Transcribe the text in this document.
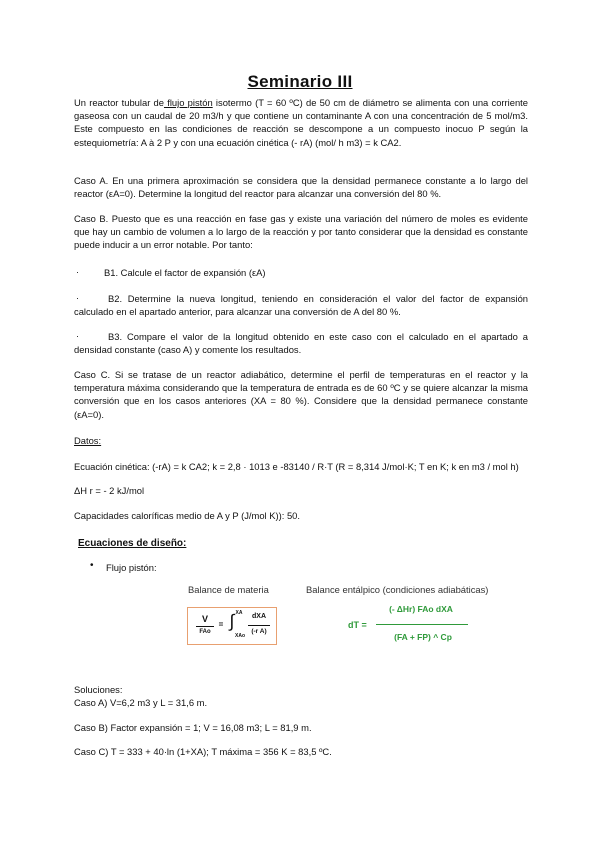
Seminario III
Un reactor tubular de flujo pistón isotermo (T = 60 ºC) de 50 cm de diámetro se alimenta con una corriente gaseosa con un caudal de 20 m3/h y que contiene un contaminante A con una concentración de 5 mol/m3. Este compuesto en las condiciones de reacción se descompone a un compuesto inocuo P según la estequiometría: A à 2 P y con una ecuación cinética (- rA) (mol/ h m3) = k CA2.
Caso A. En una primera aproximación se considera que la densidad permanece constante a lo largo del reactor (εA=0). Determine la longitud del reactor para alcanzar una conversión del 80 %.
Caso B. Puesto que es una reacción en fase gas y existe una variación del número de moles es evidente que hay un cambio de volumen a lo largo de la reacción y por tanto considerar que la densidad es constante puede inducir a un error notable. Por tanto:
·	B1. Calcule el factor de expansión (εA)
·	B2. Determine la nueva longitud, teniendo en consideración el valor del factor de expansión calculado en el apartado anterior, para alcanzar una conversión de A del 80 %.
·	B3. Compare el valor de la longitud obtenido en este caso con el calculado en el apartado a densidad constante (caso A) y comente los resultados.
Caso C. Si se tratase de un reactor adiabático, determine el perfil de temperaturas en el reactor y la temperatura máxima considerando que la temperatura de entrada es de 60 ºC y se quiere alcanzar la misma conversión que en los casos anteriores (XA = 80 %). Considere que la densidad permanece constante (εA=0).
Datos:
Ecuación cinética: (-rA) = k CA2; k = 2,8 · 1013 e -83140 / R·T (R = 8,314 J/mol·K; T en K; k en m3 / mol h)
ΔH r = - 2 kJ/mol
Capacidades caloríficas medio de A y P (J/mol K)): 50.
Ecuaciones de diseño:
• Flujo pistón:
Balance de materia	Balance entálpico (condiciones adiabáticas)
V
FAo
= ∫ XA
XAo
dXA
(-r A)
dT =
(- ΔHr) FAo dXA
(FA + FP) ^ Cp
Soluciones:
Caso A) V=6,2 m3 y L = 31,6 m.
Caso B) Factor expansión = 1; V = 16,08 m3; L = 81,9 m.
Caso C) T = 333 + 40·ln (1+XA); T máxima = 356 K = 83,5 ºC.
